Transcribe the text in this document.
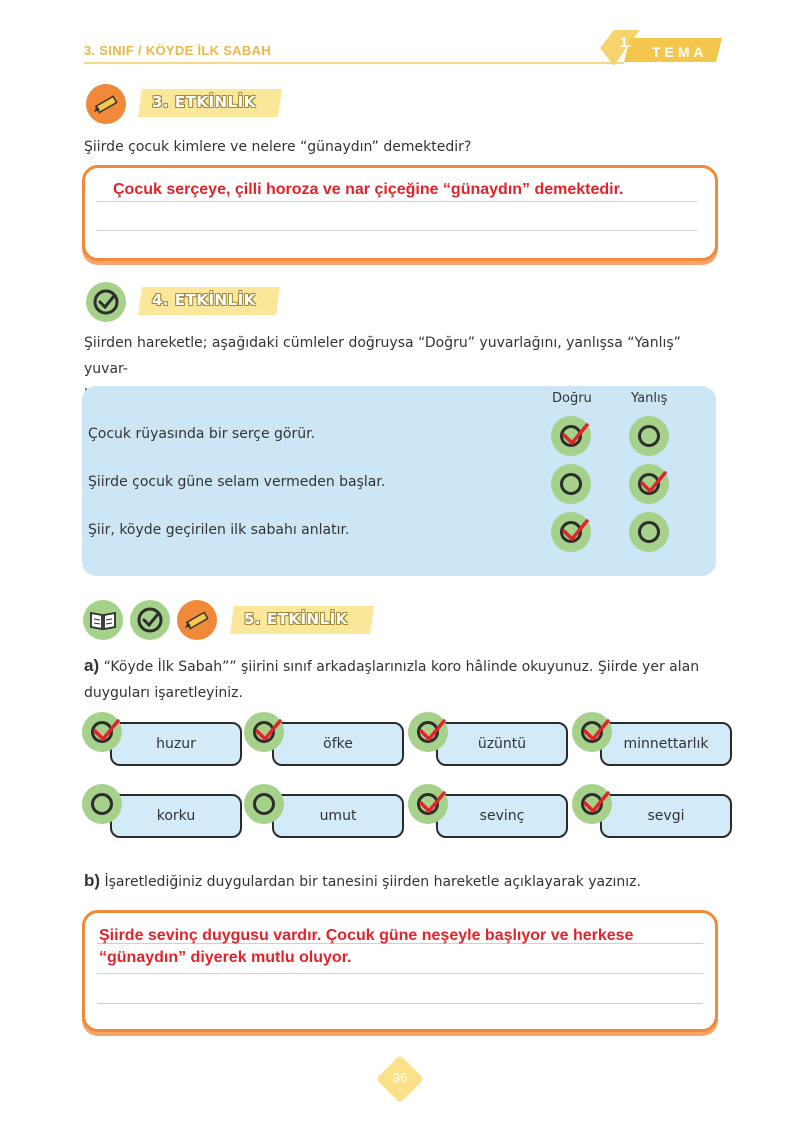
3. SINIF / KÖYDE İLK SABAH
1.
TEMA
3. ETKİNLİK
Şiirde çocuk kimlere ve nelere “günaydın” demektedir?
Çocuk serçeye, çilli horoza ve nar çiçeğine “günaydın” demektedir.
4. ETKİNLİK
Şiirden hareketle; aşağıdaki cümleler doğruysa “Doğru” yuvarlağını, yanlışsa “Yanlış” yuvar-
Doğru	Yanlış
Çocuk rüyasında bir serçe görür.
Şiirde çocuk güne selam vermeden başlar.
Şiir, köyde geçirilen ilk sabahı anlatır.
5. ETKİNLİK
a) “Köyde İlk Sabah”” şiirini sınıf arkadaşlarınızla koro hâlinde okuyunuz. Şiirde yer alan
duyguları işaretleyiniz.
huzur	öfke	üzüntü	minnettarlık
korku	umut	sevinç	sevgi
b) İşaretlediğiniz duygulardan bir tanesini şiirden hareketle açıklayarak yazınız.
Şiirde sevinç duygusu vardır. Çocuk güne neşeyle başlıyor ve herkese
“günaydın” diyerek mutlu oluyor.
36
